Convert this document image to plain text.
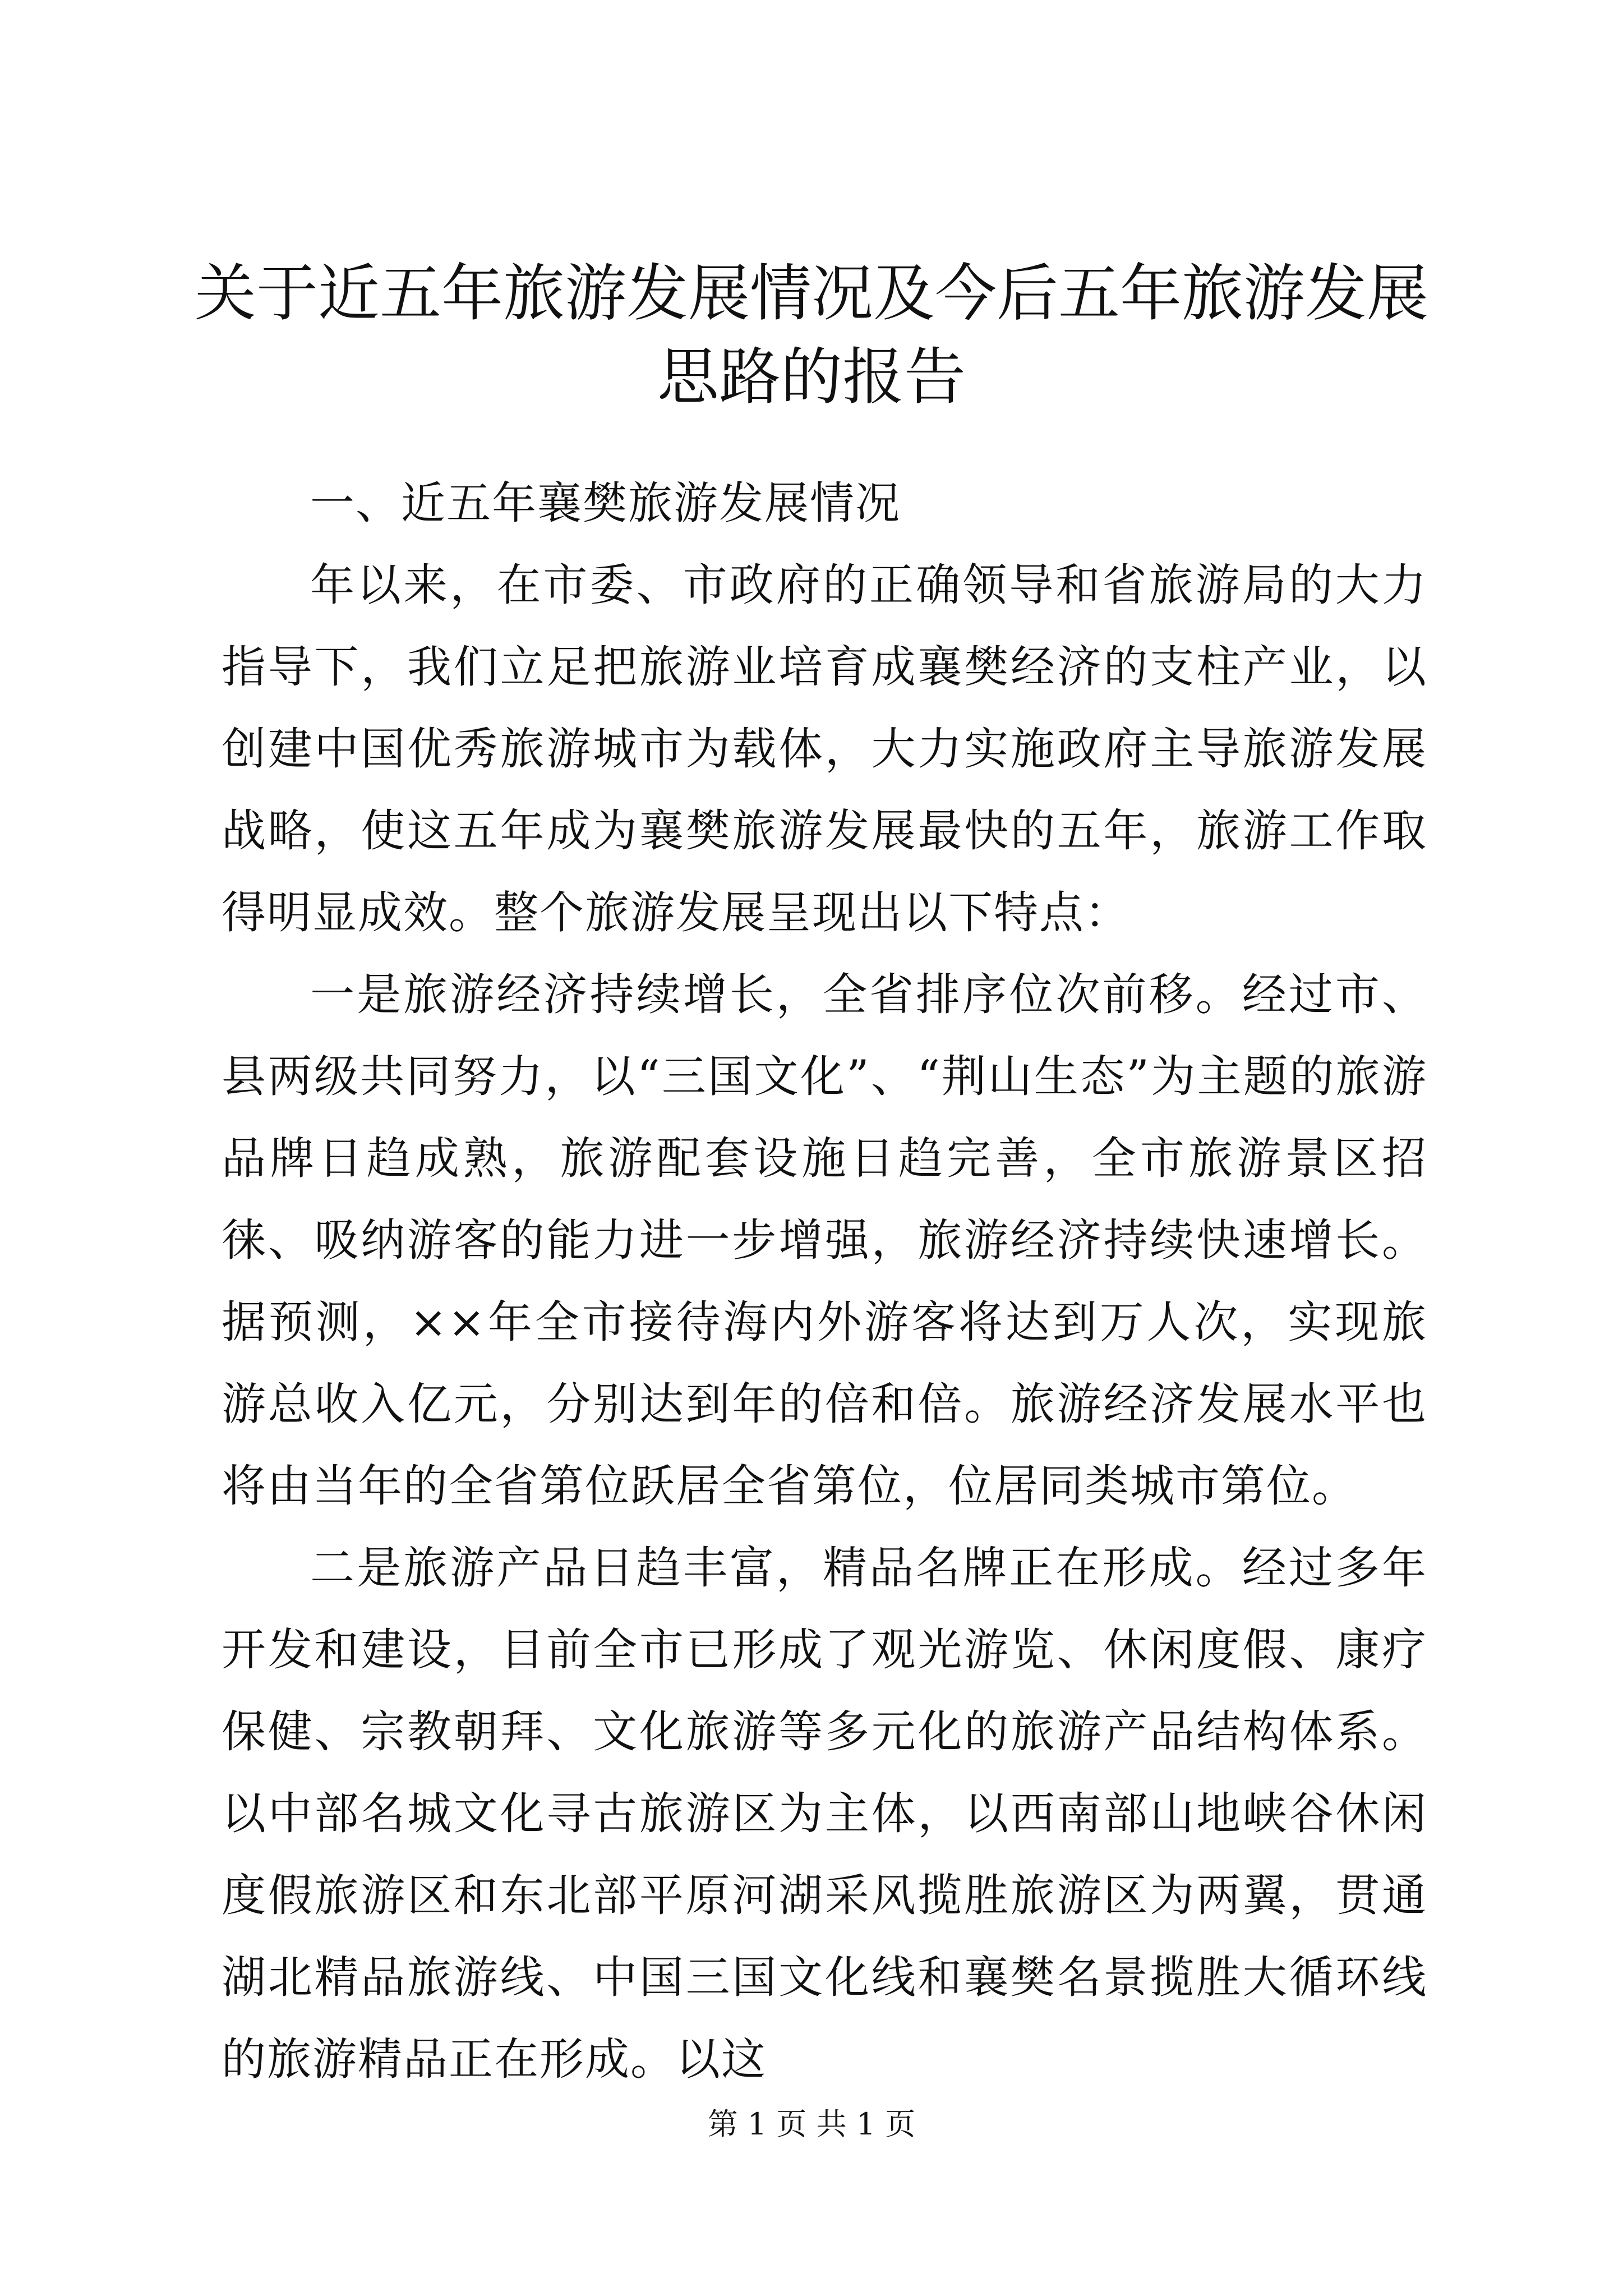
关于近五年旅游发展情况及今后五年旅游发展
思路的报告

一、近五年襄樊旅游发展情况

年以来，在市委、市政府的正确领导和省旅游局的大力指导下，我们立足把旅游业培育成襄樊经济的支柱产业，以创建中国优秀旅游城市为载体，大力实施政府主导旅游发展战略，使这五年成为襄樊旅游发展最快的五年，旅游工作取得明显成效。整个旅游发展呈现出以下特点：

一是旅游经济持续增长，全省排序位次前移。经过市、县两级共同努力，以“三国文化”、“荆山生态”为主题的旅游品牌日趋成熟，旅游配套设施日趋完善，全市旅游景区招徕、吸纳游客的能力进一步增强，旅游经济持续快速增长。据预测，××年全市接待海内外游客将达到万人次，实现旅游总收入亿元，分别达到年的倍和倍。旅游经济发展水平也将由当年的全省第位跃居全省第位，位居同类城市第位。

二是旅游产品日趋丰富，精品名牌正在形成。经过多年开发和建设，目前全市已形成了观光游览、休闲度假、康疗保健、宗教朝拜、文化旅游等多元化的旅游产品结构体系。以中部名城文化寻古旅游区为主体，以西南部山地峡谷休闲度假旅游区和东北部平原河湖采风揽胜旅游区为两翼，贯通湖北精品旅游线、中国三国文化线和襄樊名景揽胜大循环线的旅游精品正在形成。以这

第 1 页 共 1 页
